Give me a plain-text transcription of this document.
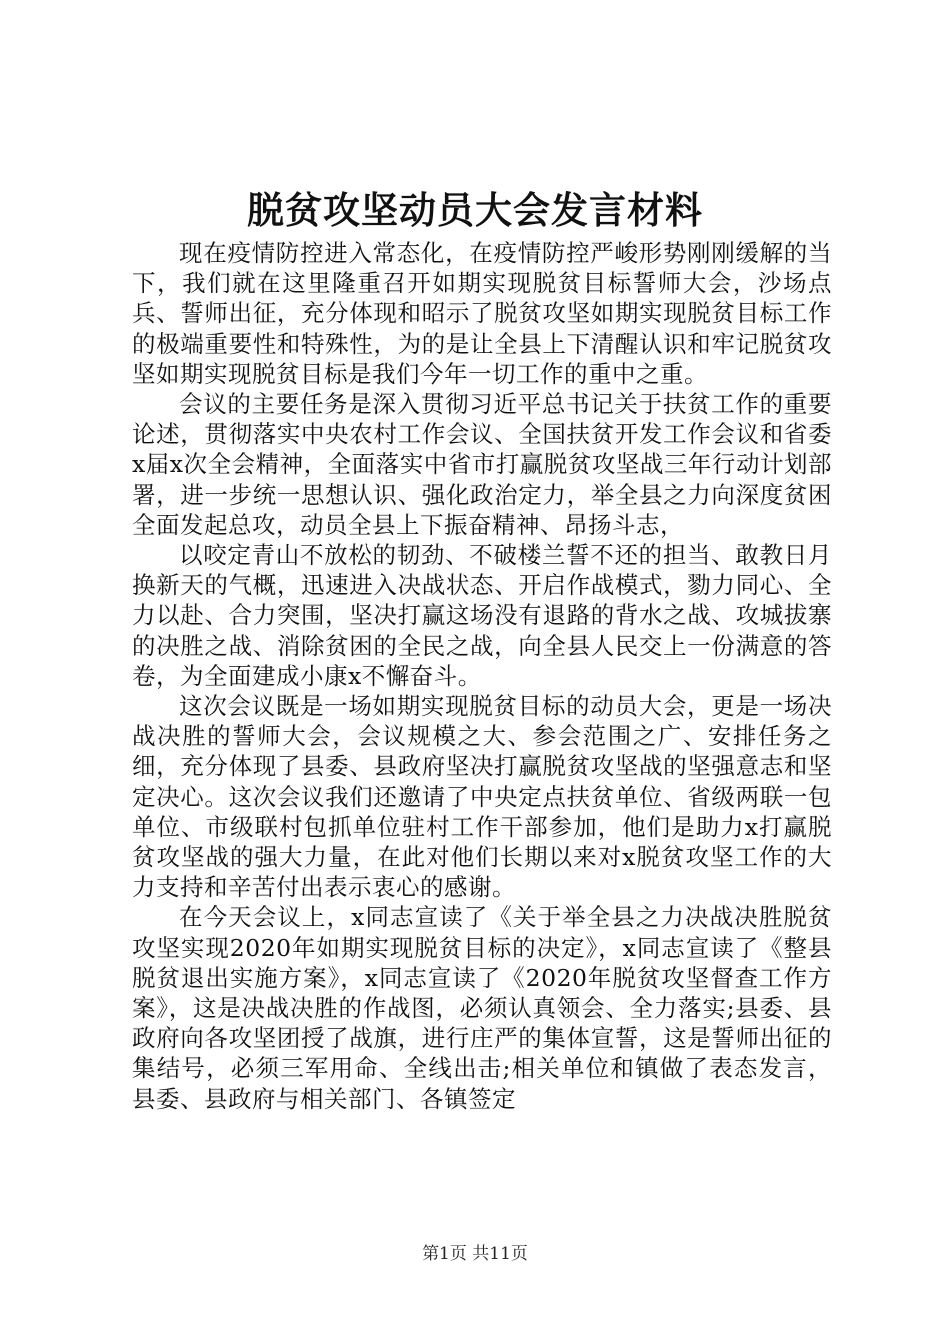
脱贫攻坚动员大会发言材料

现在疫情防控进入常态化，在疫情防控严峻形势刚刚缓解的当下，我们就在这里隆重召开如期实现脱贫目标誓师大会，沙场点兵、誓师出征，充分体现和昭示了脱贫攻坚如期实现脱贫目标工作的极端重要性和特殊性，为的是让全县上下清醒认识和牢记脱贫攻坚如期实现脱贫目标是我们今年一切工作的重中之重。

会议的主要任务是深入贯彻习近平总书记关于扶贫工作的重要论述，贯彻落实中央农村工作会议、全国扶贫开发工作会议和省委x届x次全会精神，全面落实中省市打赢脱贫攻坚战三年行动计划部署，进一步统一思想认识、强化政治定力，举全县之力向深度贫困全面发起总攻，动员全县上下振奋精神、昂扬斗志，

以咬定青山不放松的韧劲、不破楼兰誓不还的担当、敢教日月换新天的气概，迅速进入决战状态、开启作战模式，勠力同心、全力以赴、合力突围，坚决打赢这场没有退路的背水之战、攻城拔寨的决胜之战、消除贫困的全民之战，向全县人民交上一份满意的答卷，为全面建成小康x不懈奋斗。

这次会议既是一场如期实现脱贫目标的动员大会，更是一场决战决胜的誓师大会，会议规模之大、参会范围之广、安排任务之细，充分体现了县委、县政府坚决打赢脱贫攻坚战的坚强意志和坚定决心。这次会议我们还邀请了中央定点扶贫单位、省级两联一包单位、市级联村包抓单位驻村工作干部参加，他们是助力x打赢脱贫攻坚战的强大力量，在此对他们长期以来对x脱贫攻坚工作的大力支持和辛苦付出表示衷心的感谢。

在今天会议上，x同志宣读了《关于举全县之力决战决胜脱贫攻坚实现2020年如期实现脱贫目标的决定》，x同志宣读了《整县脱贫退出实施方案》，x同志宣读了《2020年脱贫攻坚督查工作方案》，这是决战决胜的作战图，必须认真领会、全力落实;县委、县政府向各攻坚团授了战旗，进行庄严的集体宣誓，这是誓师出征的集结号，必须三军用命、全线出击;相关单位和镇做了表态发言，县委、县政府与相关部门、各镇签定

第1页 共11页
